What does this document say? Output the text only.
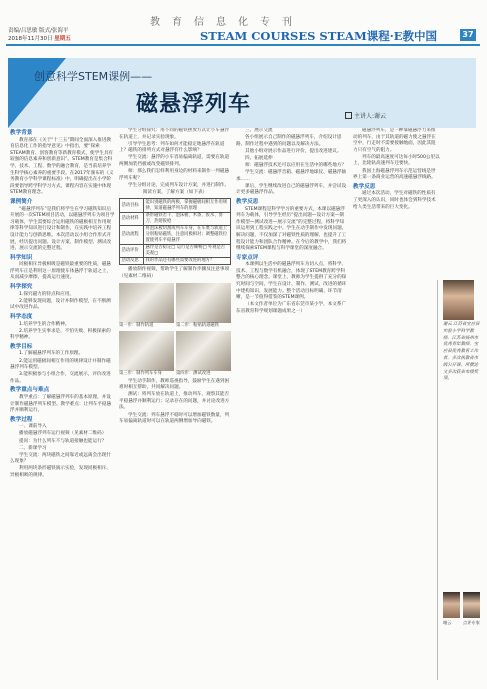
教育信息化专刊
责编/吕思敏 版式/张海平
2018年11月30日 星期五	STEAM COURSES STEAM课程·E教中国	37
创意科学STEM课例——
磁悬浮列车	主讲人:谢云
教学背景

教育部在《关于“十三五”期间全面深入推进教育信息化工作的指导意见》中指出，要“探索STEAM教育、创客教育等新教育模式，使学生具有较强的信息素养和创新意识”。STEM教育是集合科学、技术、工程、数学的融合教育，是当前培养学生科学核心素养的重要手段。在2017年颁布的《义务教育小学科学课程标准》中，明确提出在小学阶段要倡导跨学科学习方式，课程内容在实施中体现STEM教育理念。

课例简介

“磁悬浮列车”是我们将学生在学习磁铁知识后开展的一次STEM项目活动，以磁悬浮列车为项目学习载体，学生需要综合运用磁铁的磁极相互作用规律等科学知识进行设计和制作，在实践中培养工程设计能力与创新思维。本次活动以小组合作形式开展，经历提出问题、设计方案、制作模型、测试改进、展示交流的完整过程。

科学知识

同极相斥异极相吸是磁铁最重要的性质，磁悬浮列车正是利用这一原理使车体悬浮于轨道之上，从而减少摩擦、提高运行速度。

科学探究

1.探究磁力的特点和应用。

2.能够发现问题，设计并制作模型，在不断测试中改进作品。

科学态度

1.培养学生的合作精神。

2.培养学生实事求是、不怕失败、积极探索的科学精神。

教学目标

1.了解磁悬浮列车的工作原理。

2.能运用磁极间相互作用的规律设计并制作磁悬浮列车模型。

3.能积极参与小组合作，交流展示，评价改进作品。

教学重点与难点

教学重点：了解磁悬浮列车的基本原理，并设计制作磁悬浮列车模型。教学难点：让列车平稳悬浮并顺利运行。

教学过程

一、课前导入

播放磁悬浮列车运行视频（见素材二维码）

提问：为什么列车不与轨道接触也能运行？

二、新课学习

学生交流：两块磁铁之间靠近或远离会出现什么现象？

利用两块条形磁铁演示实验，发现同极相斥、异极相吸的规律。

学生分组探究：用不同的磁铁摆放方式让小车悬浮在轨道上，并记录实验现象。

引导学生思考：列车如何才能稳定地悬浮在轨道上？磁铁的排列方式对悬浮有什么影响？

学生交流：悬浮的小车容易偏离轨道，需要在轨道两侧加装挡板或改变磁铁排列。

师：那么我们怎样利用身边的材料来制作一列磁悬浮列车呢？

学生分组讨论，完成列车设计方案，并进行制作。

阅读方案，了解方案（如下表）
活动目标	能识别磁铁的两极，掌握磁极间相互作用规律，知道磁悬浮列车的原理
活动材料	条形磁铁若干、泡沫板、木条、胶水、剪刀、热熔胶枪
活动流程	将泡沫板切割成列车车身，在车底与轨道上分别粘贴磁铁，注意同极相对；调整磁铁位置使列车平稳悬浮
活动评价	悬浮是否稳定□ 运行是否顺畅□ 外观是否美观□
活动反思	我的作品还有哪些需要改进的地方？

播放制作视频，帮助学生了解制作步骤及注意事项（见素材二维码）

第一步：制作轨道	第二步：粘贴轨道磁铁
第三步：制作列车车身	第四步：测试改进

学生动手制作，教师巡视指导，鼓励学生在遇到困难时相互帮助，共同解决问题。

测试：将列车放在轨道上，推动列车，观察其能否平稳悬浮并顺利运行；记录存在的问题，并讨论改进方法。

学生交流：列车悬浮不稳时可以增加磁铁数量，列车易偏离轨道时可以在轨道两侧增加导向磁铁。

三、展示交流

各小组展示自己制作的磁悬浮列车，介绍设计思路、制作过程中遇到的问题以及解决方法。

其他小组对展示作品进行评价，提出改进建议。

四、拓展延伸

师：磁悬浮技术还可以应用在生活中的哪些地方？

学生交流：磁悬浮音箱、磁悬浮地球仪、磁悬浮轴承……

课后，学生继续改进自己的磁悬浮列车，并尝试设计更多磁悬浮作品。

教学反思

STEM课程是科学学习的重要方式，本课以磁悬浮列车为载体，引导学生经历“提出问题—设计方案—制作模型—测试改进—展示交流”的完整过程，将科学知识运用到工程实践之中。学生在动手制作中发现问题、解决问题，不仅加深了对磁铁性质的理解，也提升了工程设计能力和团队合作精神。在今后的教学中，我们将继续探索STEM课程与科学课堂的深度融合。

专家点评

本课例以生活中的磁悬浮列车为切入点，将科学、技术、工程与数学有机融合，体现了STEM教育跨学科整合的核心理念。课堂上，教师为学生提供了充分的探究时间与空间，学生在设计、制作、测试、改进的循环中建构知识、发展能力。整个活动目标明确、环节清晰，是一节值得借鉴的STEM课例。

（本文作者单位为广东省东莞市某小学，本文系广东省教育科学规划课题成果之一）

磁悬浮列车，是一种靠磁悬浮力来推动的列车，由于其轨道的磁力使之悬浮在空中，行走时不需要接触地面，因此其阻力只有空气的阻力。

列车的最高速度可达每小时500公里以上，比轮轨高速列车还要快。

我国上海磁悬浮列车示范运营线是世界上第一条商业运营的高速磁悬浮线路。

教学反思

通过本次活动，学生对磁铁的性质有了更深入的认识，同时也体会到科学技术给人类生活带来的巨大变化。

谢云 江苏省宝应县实验小学科学教师，江苏省扬州市优秀青年教师，宝应县优秀教育工作者，多次执教省市级公开课，所撰论文多次获省市级奖项。
谢云	点评专家
